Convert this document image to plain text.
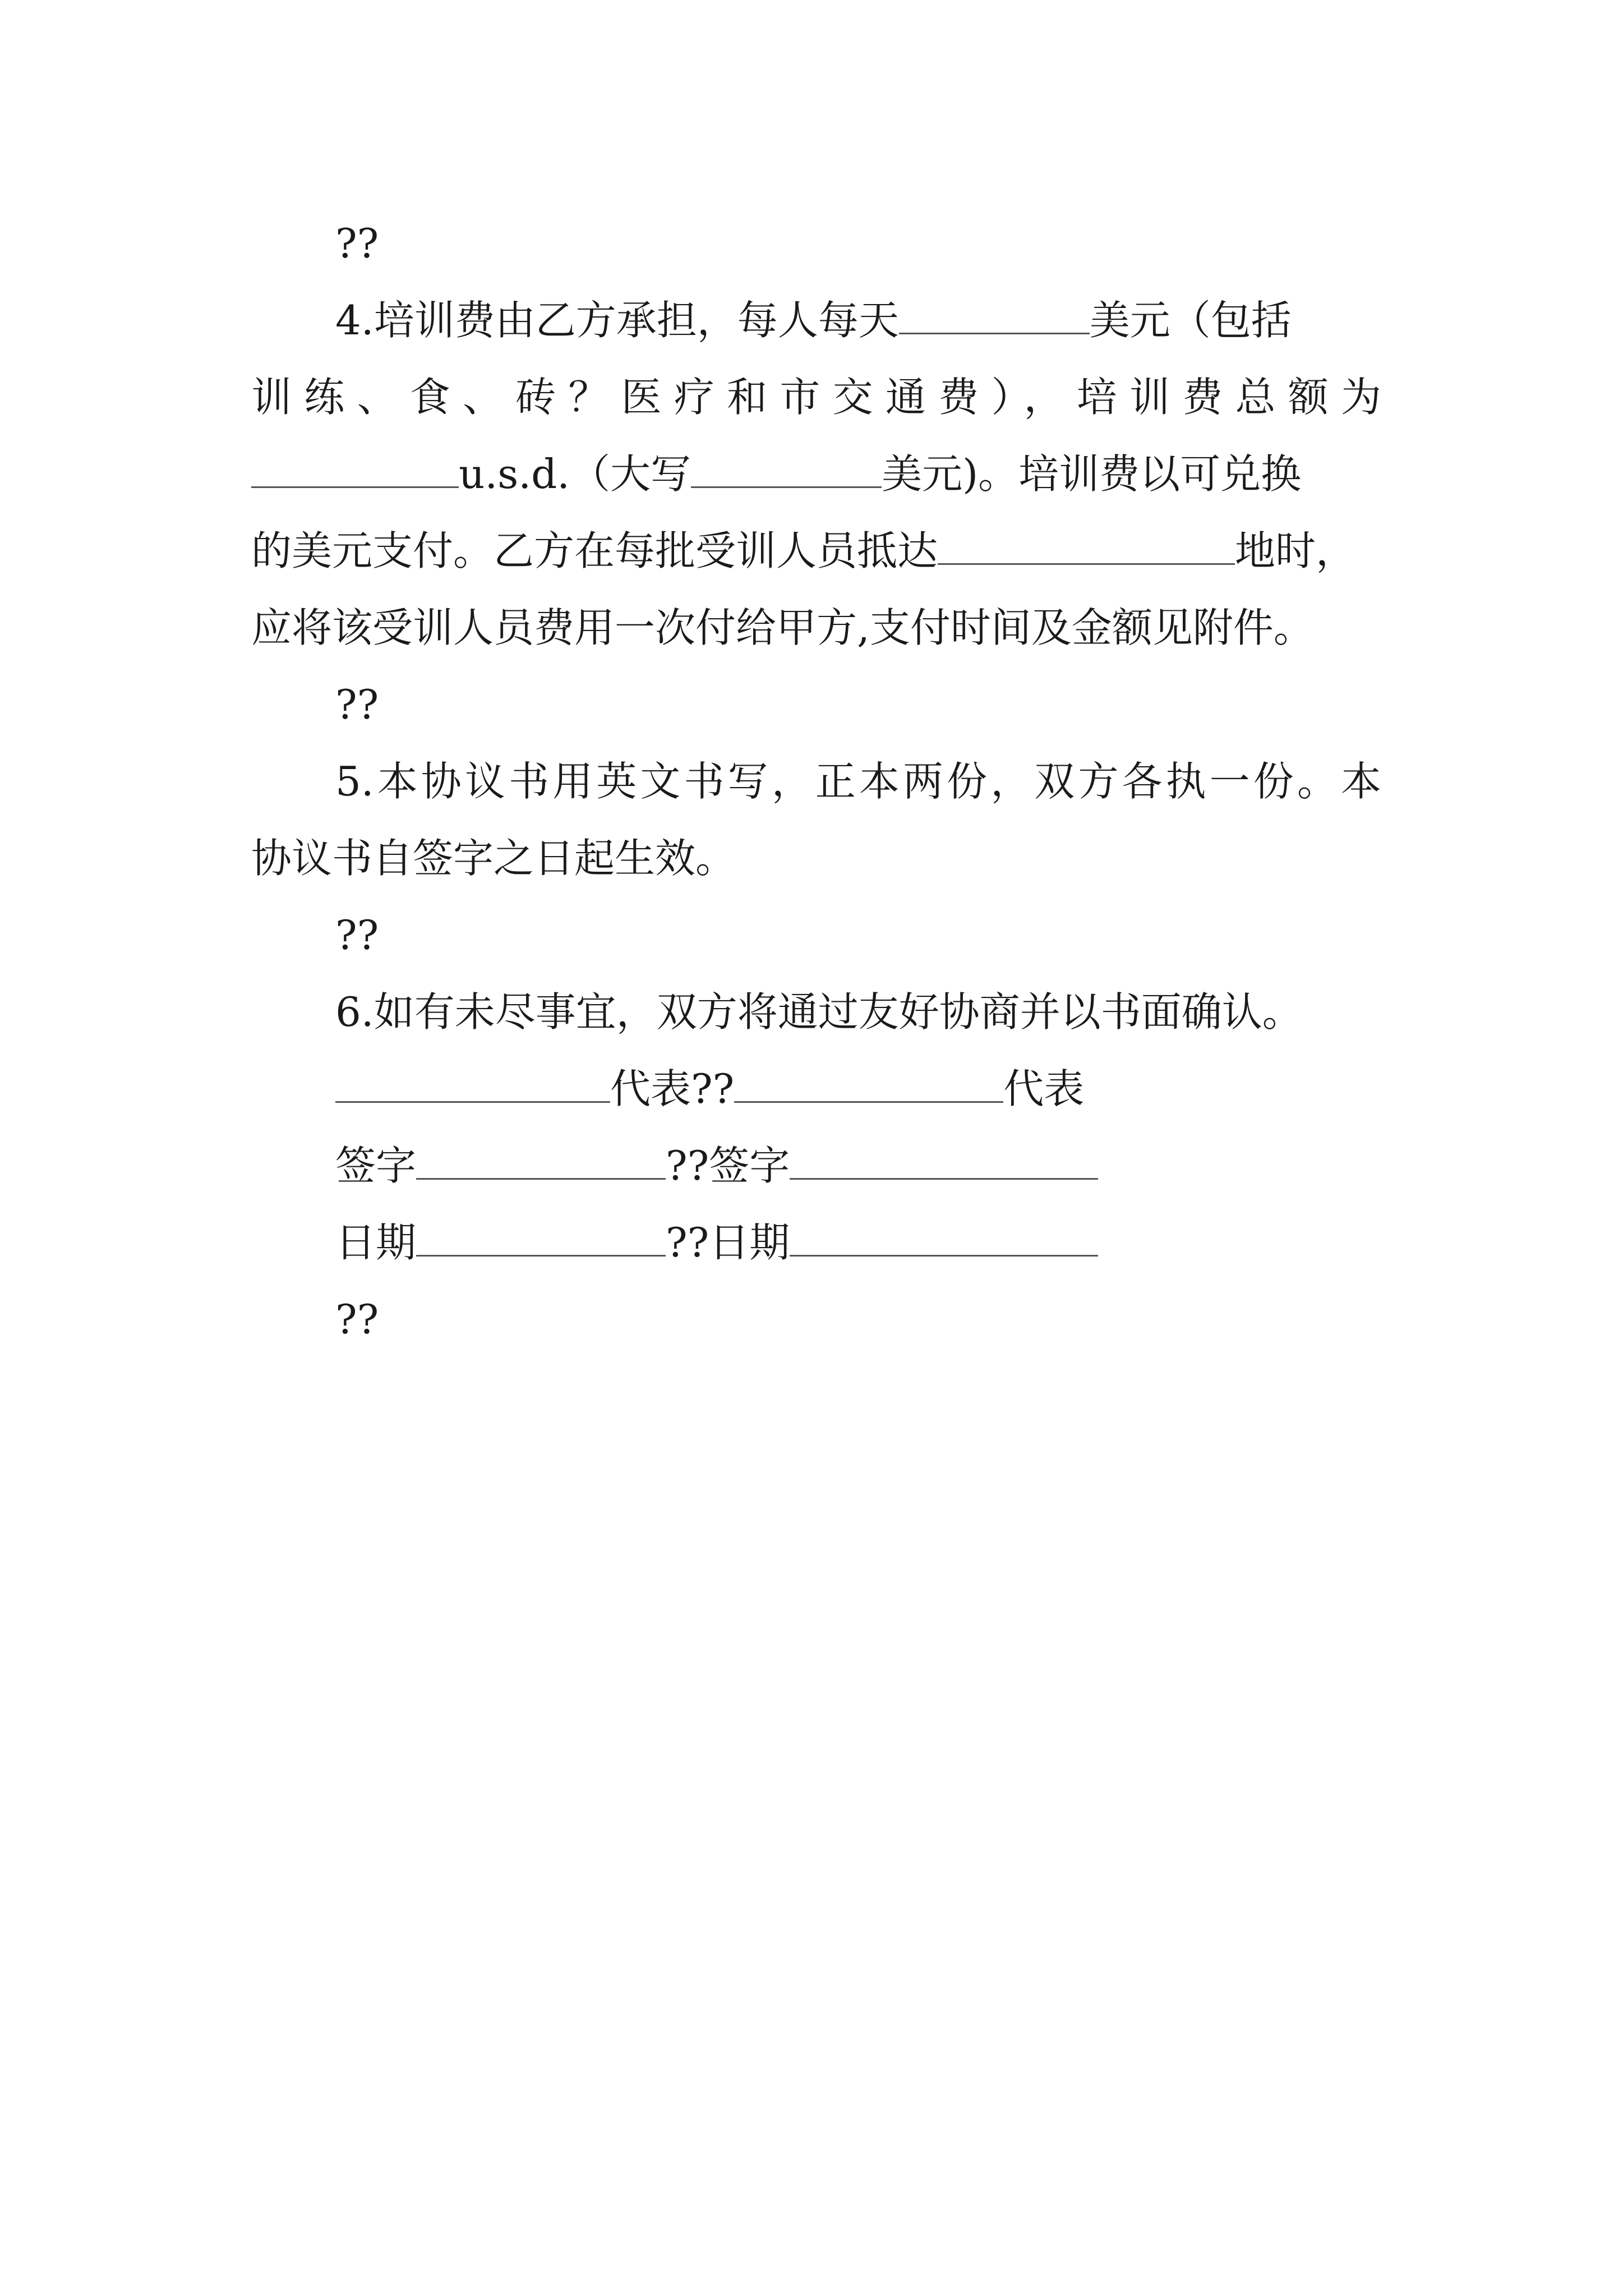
??
4.培训费由乙方承担，每人每天	美元（包括
训练、食、砖？医疗和市交通费），培训费总额为
u.s.d.（大写	美元)。培训费以可兑换
的美元支付。乙方在每批受训人员抵达	地时，
应将该受训人员费用一次付给甲方,支付时间及金额见附件。
??
5.本协议书用英文书写，正本两份，双方各执一份。本
协议书自签字之日起生效。
??
6.如有未尽事宜，双方将通过友好协商并以书面确认。
代表??	代表
签字	??签字
日期	??日期
??
